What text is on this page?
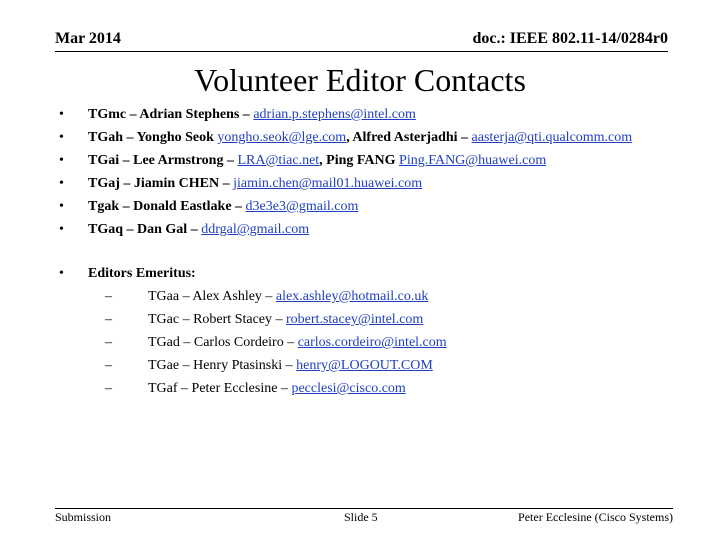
Mar 2014	doc.: IEEE 802.11-14/0284r0
Volunteer Editor Contacts
• TGmc – Adrian Stephens – adrian.p.stephens@intel.com
• TGah – Yongho Seok yongho.seok@lge.com, Alfred Asterjadhi – aasterja@qti.qualcomm.com
• TGai – Lee Armstrong – LRA@tiac.net, Ping FANG Ping.FANG@huawei.com
• TGaj – Jiamin CHEN – jiamin.chen@mail01.huawei.com
• Tgak – Donald Eastlake – d3e3e3@gmail.com
• TGaq – Dan Gal – ddrgal@gmail.com
• Editors Emeritus:
–	TGaa – Alex Ashley – alex.ashley@hotmail.co.uk
–	TGac – Robert Stacey – robert.stacey@intel.com
–	TGad – Carlos Cordeiro – carlos.cordeiro@intel.com
–	TGae – Henry Ptasinski – henry@LOGOUT.COM
–	TGaf – Peter Ecclesine – pecclesi@cisco.com
Submission	Slide 5	Peter Ecclesine (Cisco Systems)
